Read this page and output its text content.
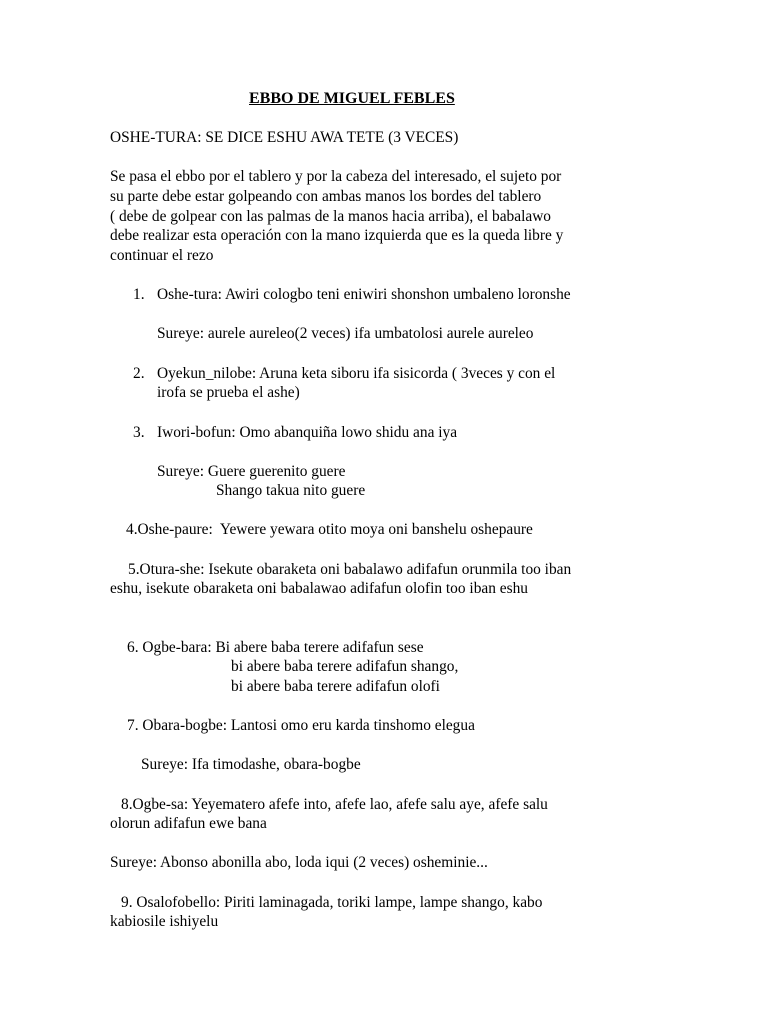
EBBO DE MIGUEL FEBLES
OSHE-TURA: SE DICE ESHU AWA TETE (3 VECES)
Se pasa el ebbo por el tablero y por la cabeza del interesado, el sujeto por
su parte debe estar golpeando con ambas manos los bordes del tablero
( debe de golpear con las palmas de la manos hacia arriba), el babalawo
debe realizar esta operación con la mano izquierda que es la queda libre y
continuar el rezo
1. Oshe-tura: Awiri cologbo teni eniwiri shonshon umbaleno loronshe
Sureye: aurele aureleo(2 veces) ifa umbatolosi aurele aureleo
2. Oyekun_nilobe: Aruna keta siboru ifa sisicorda ( 3veces y con el
irofa se prueba el ashe)
3. Iwori-bofun: Omo abanquiña lowo shidu ana iya
Sureye: Guere guerenito guere
Shango takua nito guere
4.Oshe-paure:  Yewere yewara otito moya oni banshelu oshepaure
5.Otura-she: Isekute obaraketa oni babalawo adifafun orunmila too iban
eshu, isekute obaraketa oni babalawao adifafun olofin too iban eshu
6. Ogbe-bara: Bi abere baba terere adifafun sese
bi abere baba terere adifafun shango,
bi abere baba terere adifafun olofi
7. Obara-bogbe: Lantosi omo eru karda tinshomo elegua
Sureye: Ifa timodashe, obara-bogbe
8.Ogbe-sa: Yeyematero afefe into, afefe lao, afefe salu aye, afefe salu
olorun adifafun ewe bana
Sureye: Abonso abonilla abo, loda iqui (2 veces) osheminie...
9. Osalofobello: Piriti laminagada, toriki lampe, lampe shango, kabo
kabiosile ishiyelu
